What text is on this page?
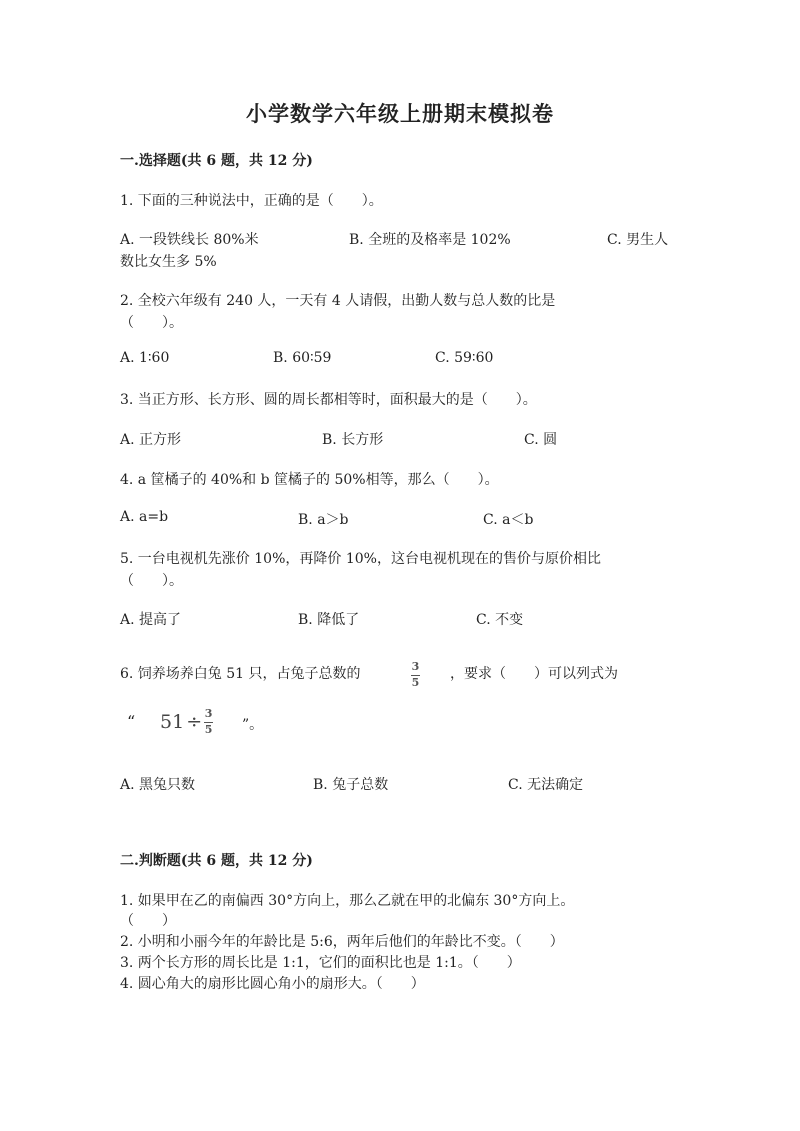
小学数学六年级上册期末模拟卷
一.选择题(共 6 题，共 12 分)
1. 下面的三种说法中，正确的是（　　）。
A. 一段铁线长 80%米	B. 全班的及格率是 102%	C. 男生人
数比女生多 5%
2. 全校六年级有 240 人，一天有 4 人请假，出勤人数与总人数的比是
（　　）。
A. 1∶60	B. 60∶59	C. 59∶60
3. 当正方形、长方形、圆的周长都相等时，面积最大的是（　　）。
A. 正方形	B. 长方形	C. 圆
4. a 筐橘子的 40%和 b 筐橘子的 50%相等，那么（　　）。
A. a=b	B. a＞b	C. a＜b
5. 一台电视机先涨价 10%，再降价 10%，这台电视机现在的售价与原价相比
（　　）。
A. 提高了	B. 降低了	C. 不变
6. 饲养场养白兔 51 只，占兔子总数的	$\frac{3}{5}$ ，要求（　　）可以列式为
“ $51 \div \frac{3}{5}$ ”。
A. 黑兔只数	B. 兔子总数	C. 无法确定
二.判断题(共 6 题，共 12 分)
1. 如果甲在乙的南偏西 30°方向上，那么乙就在甲的北偏东 30°方向上。
（　　）
2. 小明和小丽今年的年龄比是 5:6，两年后他们的年龄比不变。（　　）
3. 两个长方形的周长比是 1:1，它们的面积比也是 1:1。（　　）
4. 圆心角大的扇形比圆心角小的扇形大。（　　）
